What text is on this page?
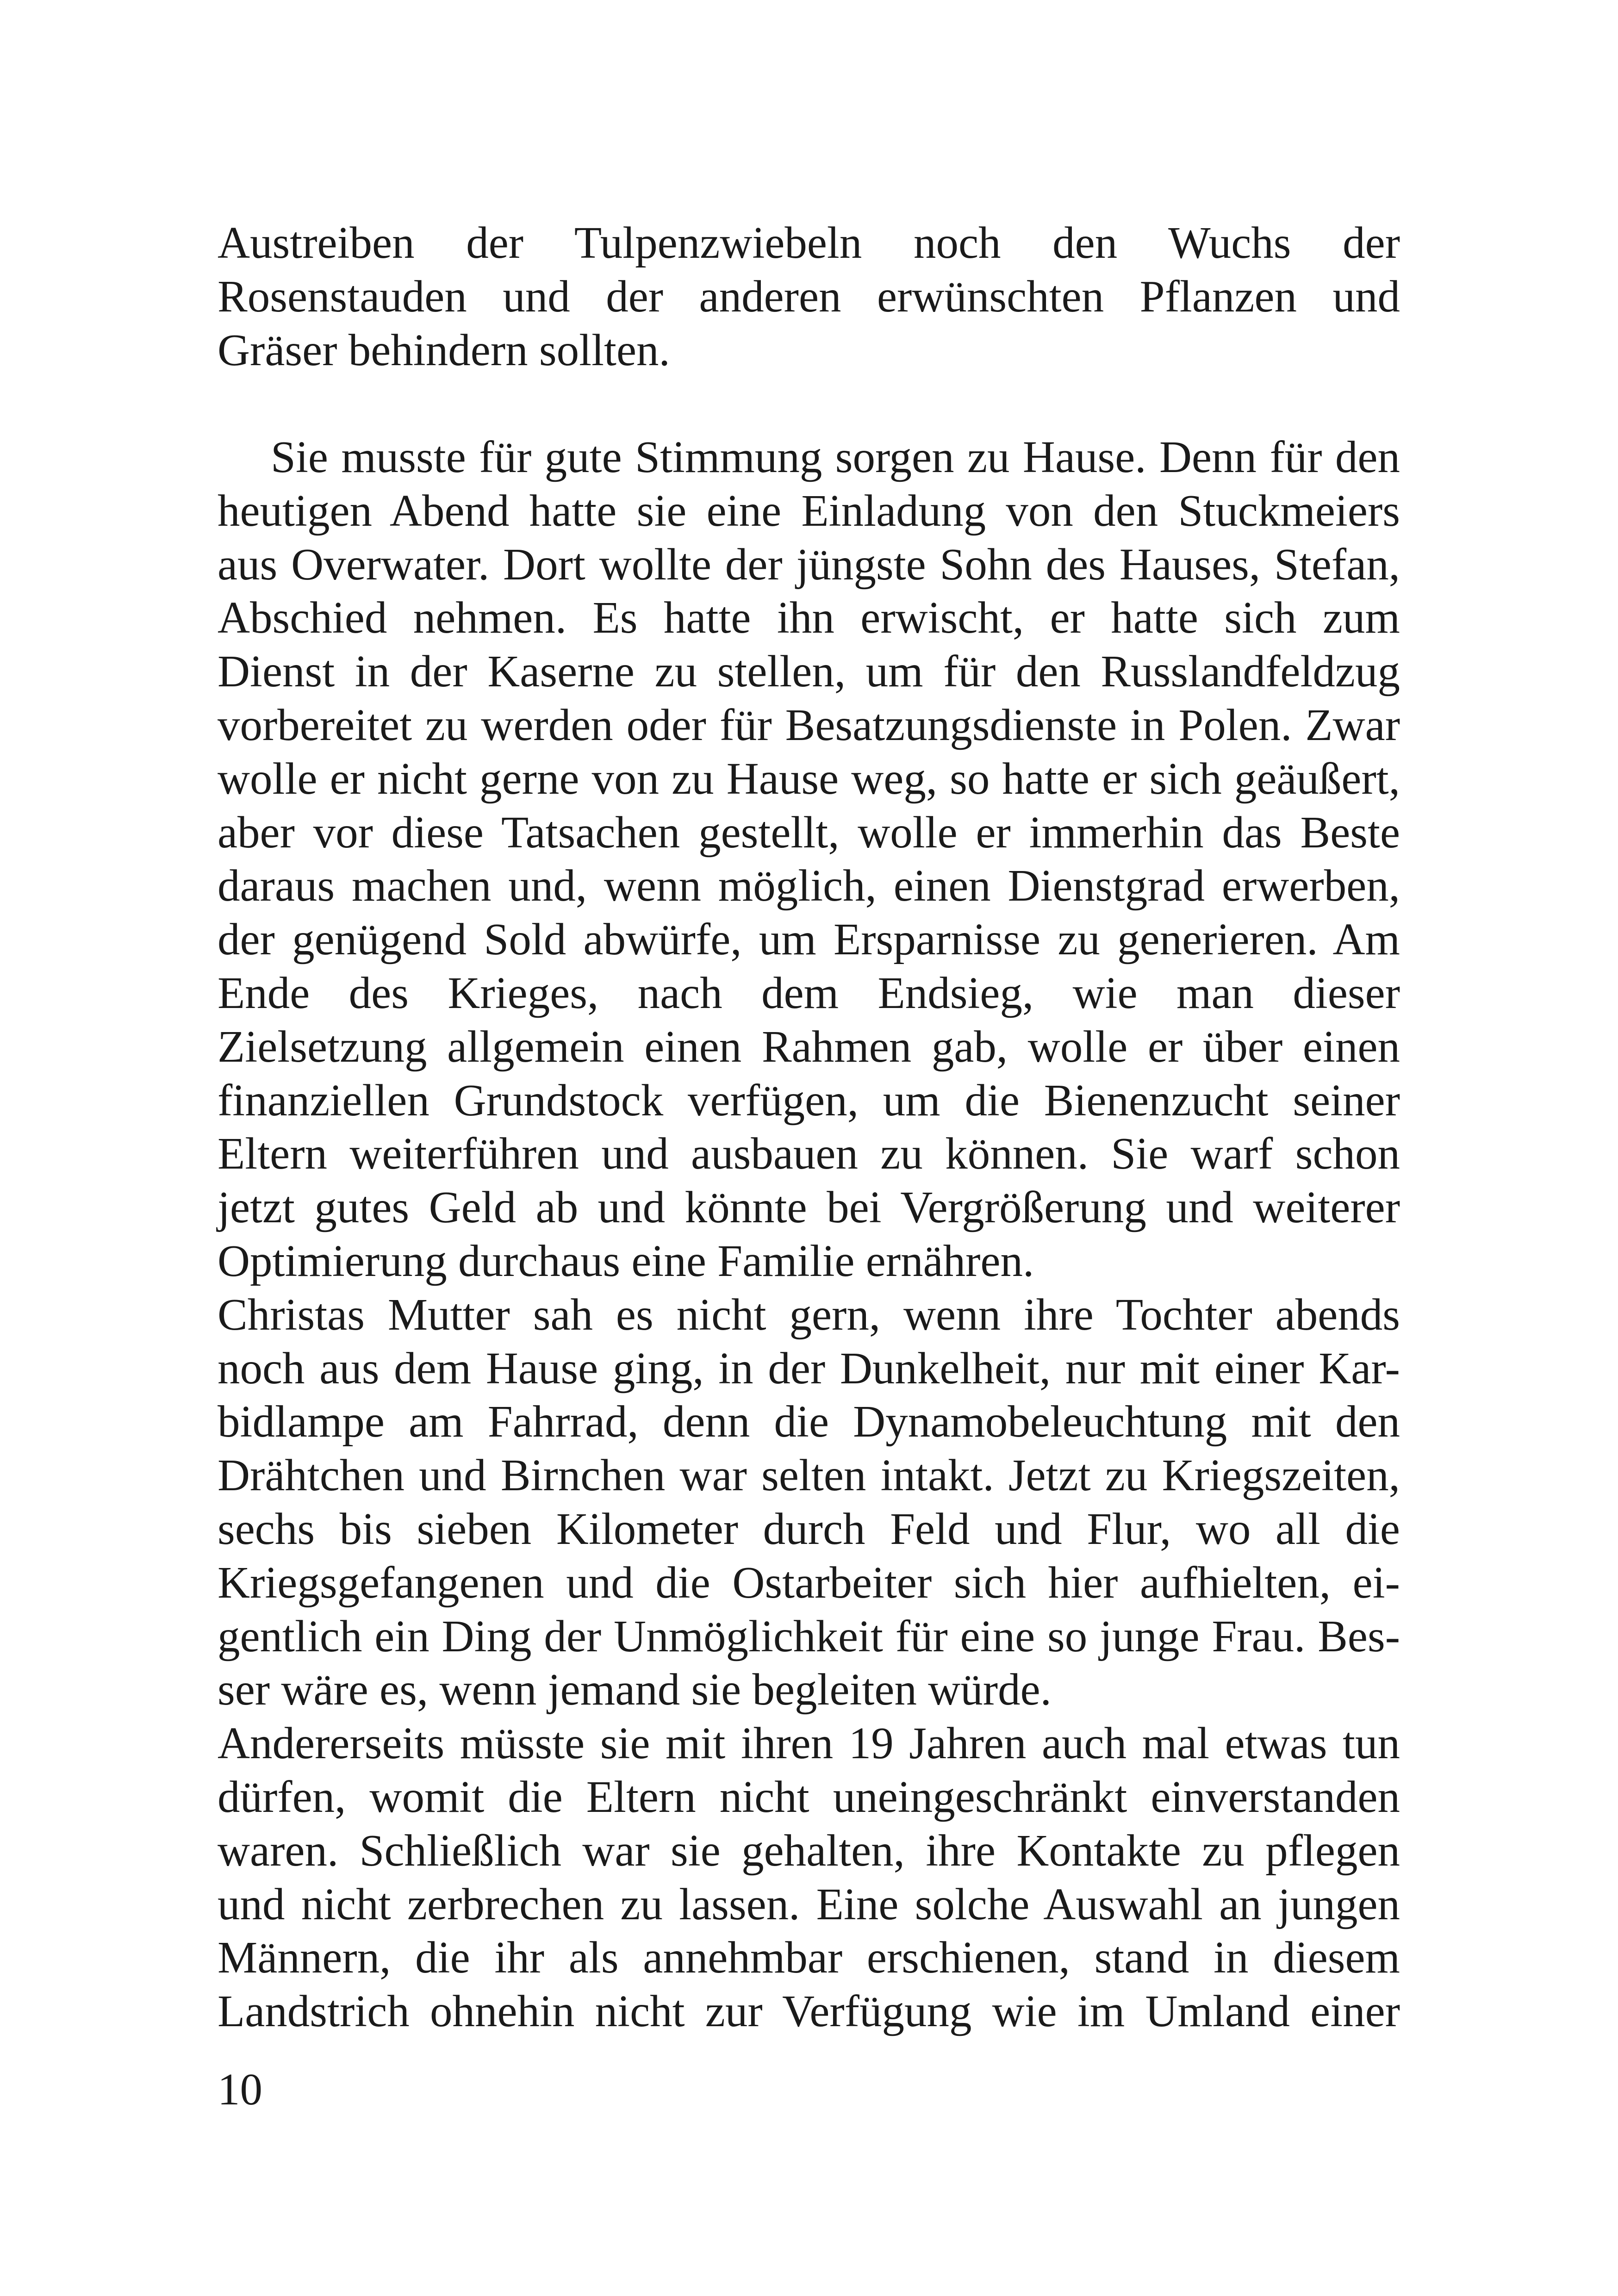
Austreiben der Tulpenzwiebeln noch den Wuchs der
Rosenstauden und der anderen erwünschten Pflanzen und
Gräser behindern sollten.
Sie musste für gute Stimmung sorgen zu Hause. Denn für den
heutigen Abend hatte sie eine Einladung von den Stuckmeiers
aus Overwater. Dort wollte der jüngste Sohn des Hauses, Stefan,
Abschied nehmen. Es hatte ihn erwischt, er hatte sich zum
Dienst in der Kaserne zu stellen, um für den Russlandfeldzug
vorbereitet zu werden oder für Besatzungsdienste in Polen. Zwar
wolle er nicht gerne von zu Hause weg, so hatte er sich geäußert,
aber vor diese Tatsachen gestellt, wolle er immerhin das Beste
daraus machen und, wenn möglich, einen Dienstgrad erwerben,
der genügend Sold abwürfe, um Ersparnisse zu generieren. Am
Ende des Krieges, nach dem Endsieg, wie man dieser
Zielsetzung allgemein einen Rahmen gab, wolle er über einen
finanziellen Grundstock verfügen, um die Bienenzucht seiner
Eltern weiterführen und ausbauen zu können. Sie warf schon
jetzt gutes Geld ab und könnte bei Vergrößerung und weiterer
Optimierung durchaus eine Familie ernähren.
Christas Mutter sah es nicht gern, wenn ihre Tochter abends
noch aus dem Hause ging, in der Dunkelheit, nur mit einer Kar-
bidlampe am Fahrrad, denn die Dynamobeleuchtung mit den
Drähtchen und Birnchen war selten intakt. Jetzt zu Kriegszeiten,
sechs bis sieben Kilometer durch Feld und Flur, wo all die
Kriegsgefangenen und die Ostarbeiter sich hier aufhielten, ei-
gentlich ein Ding der Unmöglichkeit für eine so junge Frau. Bes-
ser wäre es, wenn jemand sie begleiten würde.
Andererseits müsste sie mit ihren 19 Jahren auch mal etwas tun
dürfen, womit die Eltern nicht uneingeschränkt einverstanden
waren. Schließlich war sie gehalten, ihre Kontakte zu pflegen
und nicht zerbrechen zu lassen. Eine solche Auswahl an jungen
Männern, die ihr als annehmbar erschienen, stand in diesem
Landstrich ohnehin nicht zur Verfügung wie im Umland einer
10
